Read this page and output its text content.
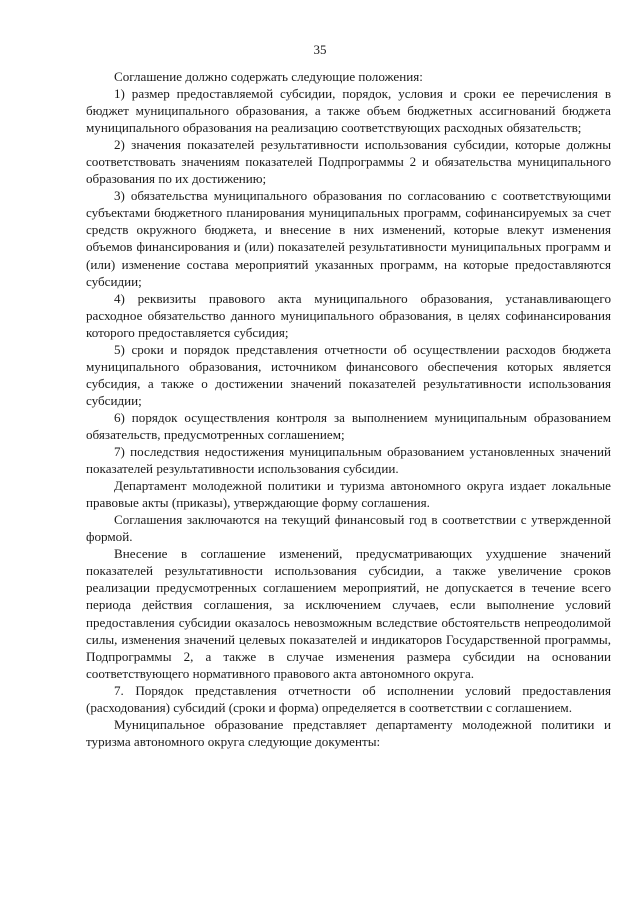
35

Соглашение должно содержать следующие положения:

1) размер предоставляемой субсидии, порядок, условия и сроки ее перечисления в бюджет муниципального образования, а также объем бюджетных ассигнований бюджета муниципального образования на реализацию соответствующих расходных обязательств;

2) значения показателей результативности использования субсидии, которые должны соответствовать значениям показателей Подпрограммы 2 и обязательства муниципального образования по их достижению;

3) обязательства муниципального образования по согласованию с соответствующими субъектами бюджетного планирования муниципальных программ, софинансируемых за счет средств окружного бюджета, и внесение в них изменений, которые влекут изменения объемов финансирования и (или) показателей результативности муниципальных программ и (или) изменение состава мероприятий указанных программ, на которые предоставляются субсидии;

4) реквизиты правового акта муниципального образования, устанавливающего расходное обязательство данного муниципального образования, в целях софинансирования которого предоставляется субсидия;

5) сроки и порядок представления отчетности об осуществлении расходов бюджета муниципального образования, источником финансового обеспечения которых является субсидия, а также о достижении значений показателей результативности использования субсидии;

6) порядок осуществления контроля за выполнением муниципальным образованием обязательств, предусмотренных соглашением;

7) последствия недостижения муниципальным образованием установленных значений показателей результативности использования субсидии.

Департамент молодежной политики и туризма автономного округа издает локальные правовые акты (приказы), утверждающие форму соглашения.

Соглашения заключаются на текущий финансовый год в соответствии с утвержденной формой.

Внесение в соглашение изменений, предусматривающих ухудшение значений показателей результативности использования субсидии, а также увеличение сроков реализации предусмотренных соглашением мероприятий, не допускается в течение всего периода действия соглашения, за исключением случаев, если выполнение условий предоставления субсидии оказалось невозможным вследствие обстоятельств непреодолимой силы, изменения значений целевых показателей и индикаторов Государственной программы, Подпрограммы 2, а также в случае изменения размера субсидии на основании соответствующего нормативного правового акта автономного округа.

7. Порядок представления отчетности об исполнении условий предоставления (расходования) субсидий (сроки и форма) определяется в соответствии с соглашением.

Муниципальное образование представляет департаменту молодежной политики и туризма автономного округа следующие документы:
